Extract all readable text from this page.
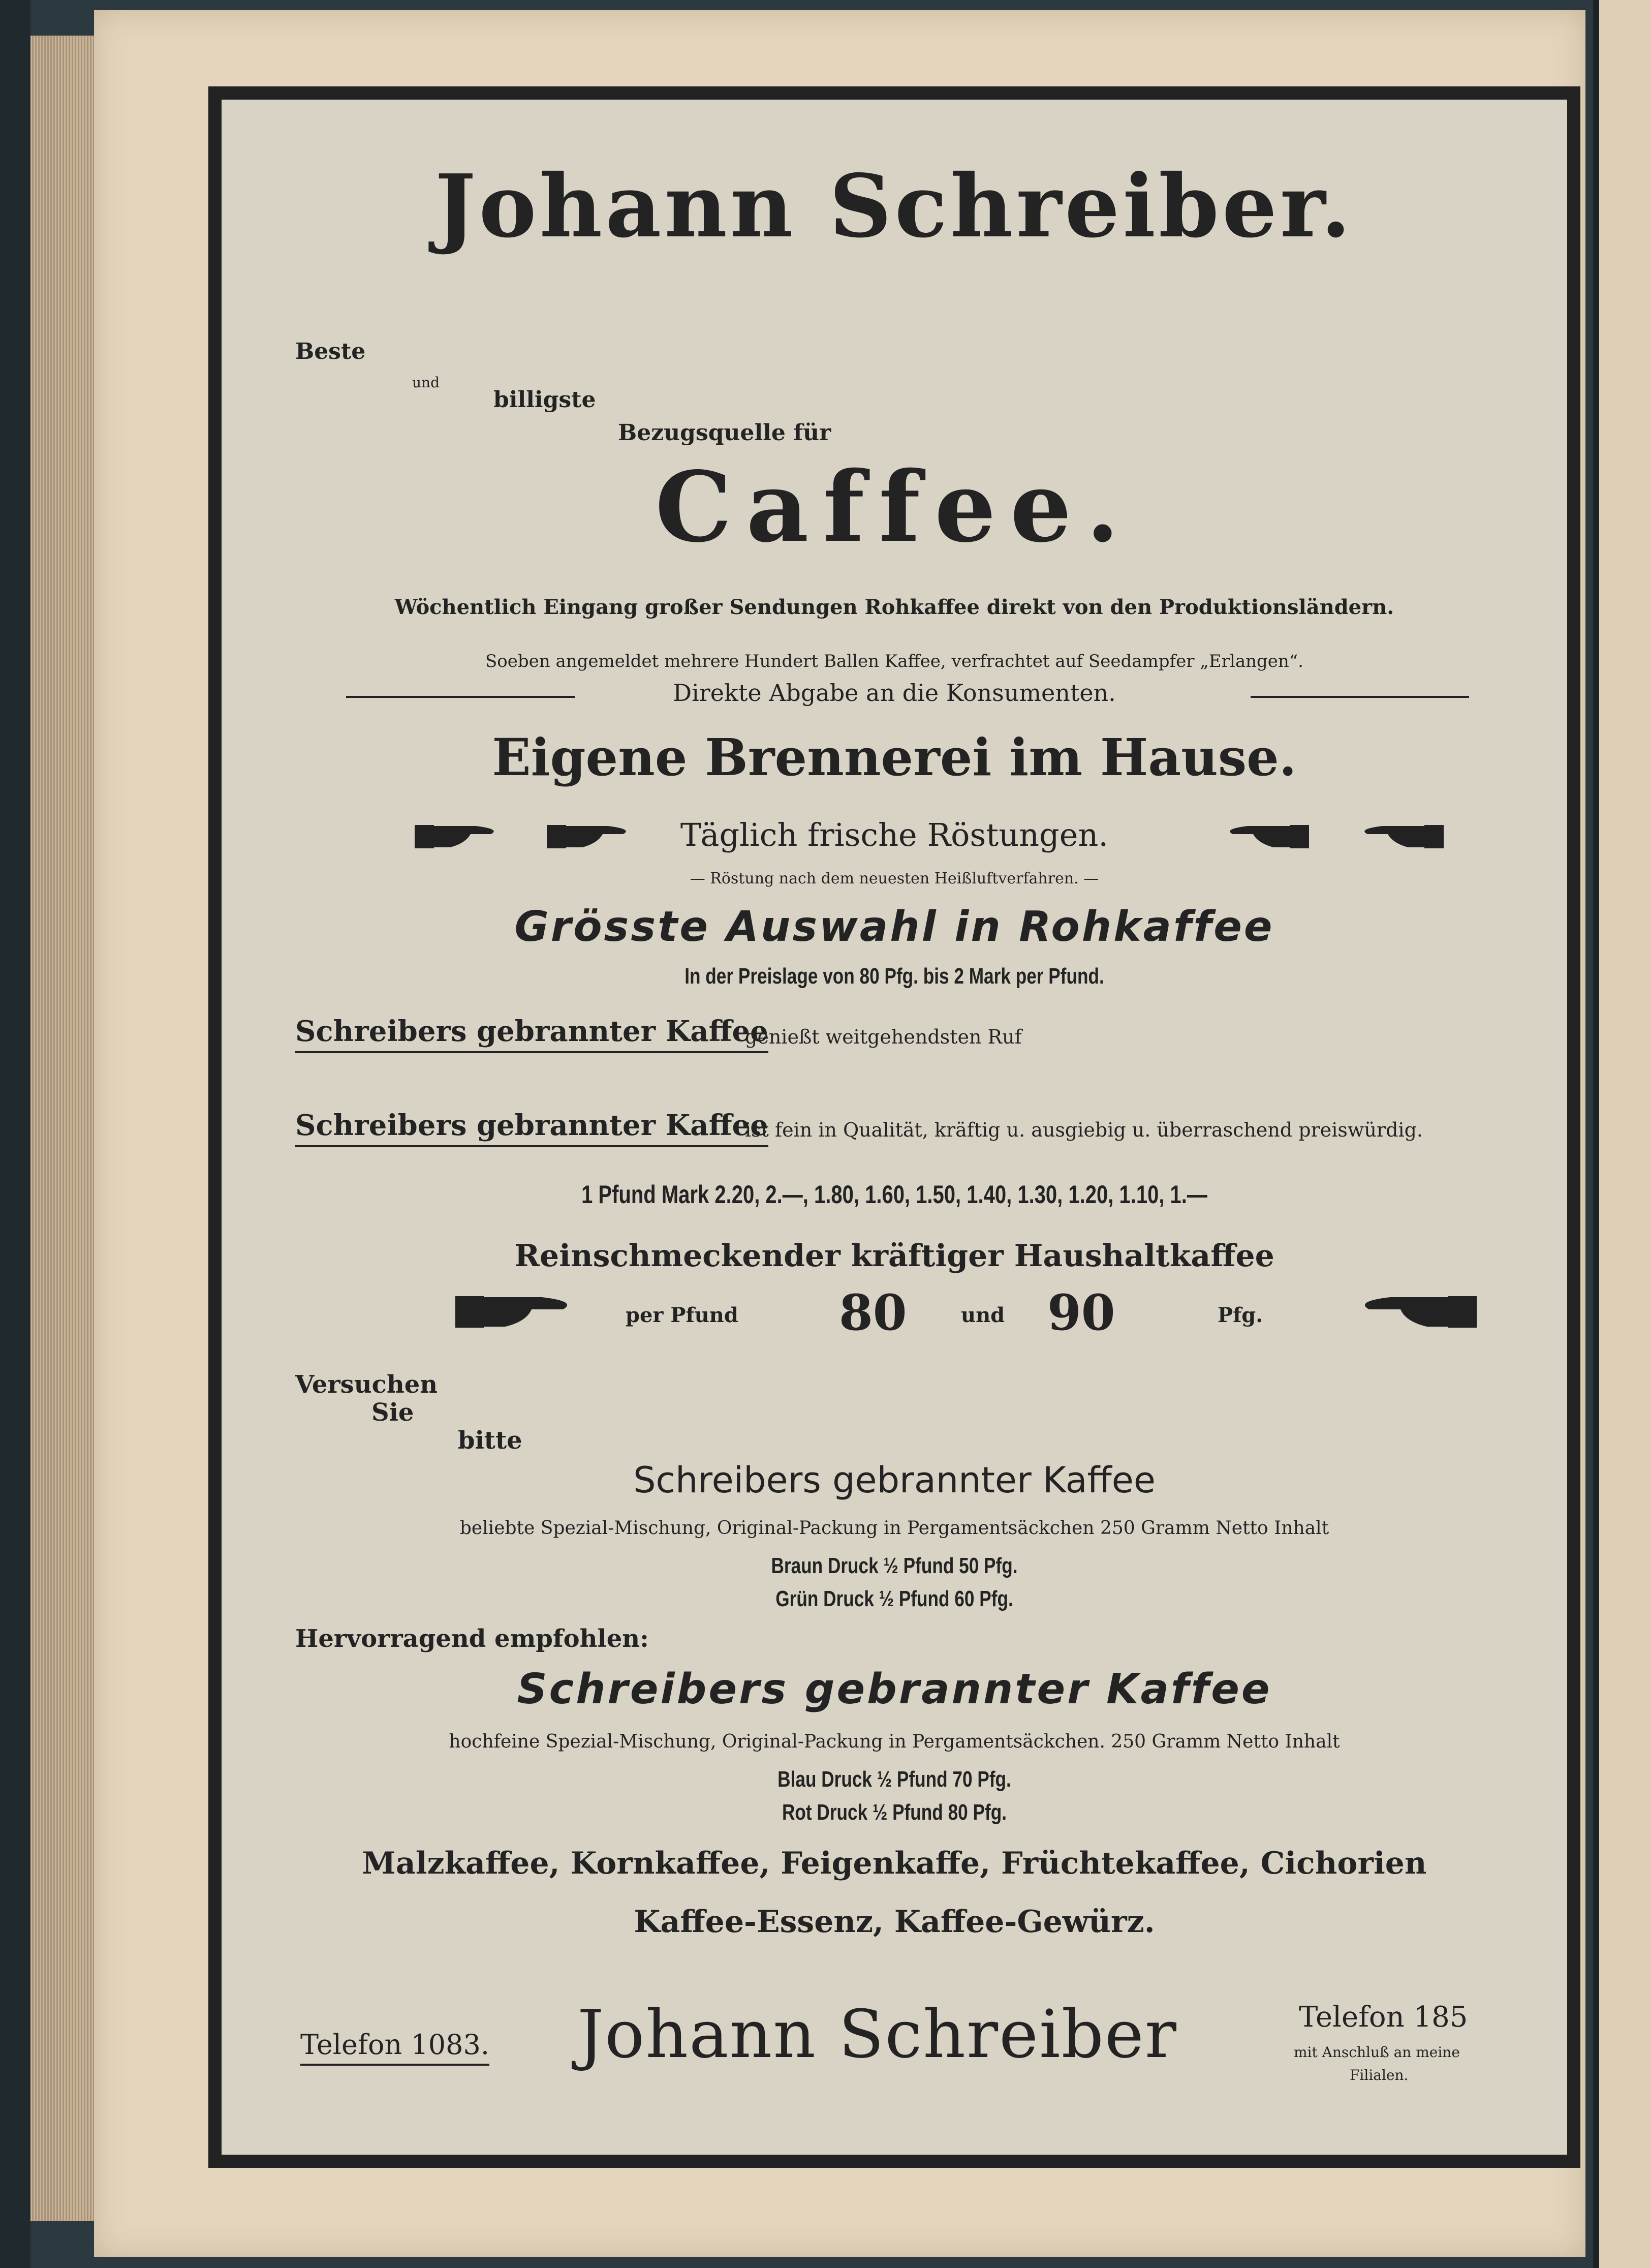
Johann Schreiber.
Beste
und
billigste
Bezugsquelle für
Caffee.
Wöchentlich Eingang großer Sendungen Rohkaffee direkt von den Produktionsländern.
Soeben angemeldet mehrere Hundert Ballen Kaffee, verfrachtet auf Seedampfer „Erlangen“.
Direkte Abgabe an die Konsumenten.
Eigene Brennerei im Hause.
Täglich frische Röstungen.
— Röstung nach dem neuesten Heißluftverfahren. —
Grösste Auswahl in Rohkaffee
In der Preislage von 80 Pfg. bis 2 Mark per Pfund.
Schreibers gebrannter Kaffee
genießt weitgehendsten Ruf
Schreibers gebrannter Kaffee
ist fein in Qualität, kräftig u. ausgiebig u. überraschend preiswürdig.
1 Pfund Mark 2.20, 2.—, 1.80, 1.60, 1.50, 1.40, 1.30, 1.20, 1.10, 1.—
Reinschmeckender kräftiger Haushaltkaffee
per Pfund 80	und 90	Pfg.
Versuchen
Sie
bitte
Schreibers gebrannter Kaffee
beliebte Spezial-Mischung, Original-Packung in Pergamentsäckchen 250 Gramm Netto Inhalt
Braun Druck ½ Pfund 50 Pfg.
Grün Druck ½ Pfund 60 Pfg.
Hervorragend empfohlen:
Schreibers gebrannter Kaffee
hochfeine Spezial-Mischung, Original-Packung in Pergamentsäckchen. 250 Gramm Netto Inhalt
Blau Druck ½ Pfund 70 Pfg.
Rot Druck ½ Pfund 80 Pfg.
Malzkaffee, Kornkaffee, Feigenkaffe, Früchtekaffee, Cichorien
Kaffee-Essenz, Kaffee-Gewürz.
Telefon 1083. Johann Schreiber	Telefon 185
mit Anschluß an meine
Filialen.
